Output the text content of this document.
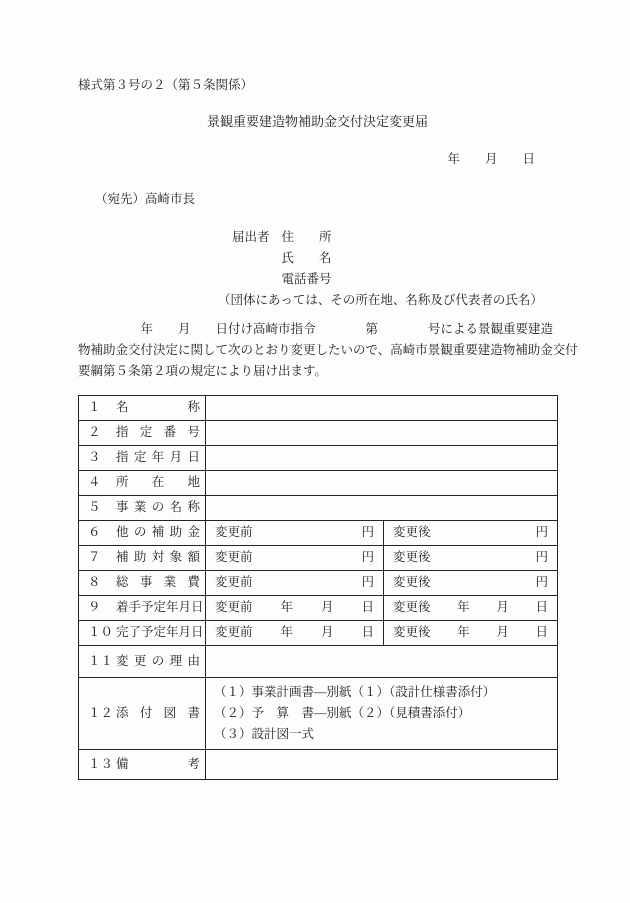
様式第３号の２（第５条関係）
景観重要建造物補助金交付決定変更届
年　　月　　日
（宛先）高崎市長
届出者 住　　所
氏　　名
電話番号
（団体にあっては、その所在地、名称及び代表者の氏名）
　　　　　年　　月　　日付け高崎市指令　　　　第　　　　号による景観重要建造
物補助金交付決定に関して次のとおり変更したいので、高崎市景観重要建造物補助金交付
要綱第５条第２項の規定により届け出ます。
１ 名称		

２ 指定番号		

３ 指定年月日		

４ 所在地		

５ 事業の名称		

６ 他の補助金	変更前 円	変更後 円

７ 補助対象額	変更前 円	変更後 円

８ 総事業費	変更前 円	変更後 円

９ 着手予定年月日	変更前 年 月 日	変更後 年 月 日

１０ 完了予定年月日	変更前 年 月 日	変更後 年 月 日

１１ 変更の理由		

１２ 添付図書

（１）事業計画書―別紙（１）（設計仕様書添付）
（２）予　算　書―別紙（２）（見積書添付）
（３）設計図一式

１３ 備考		
